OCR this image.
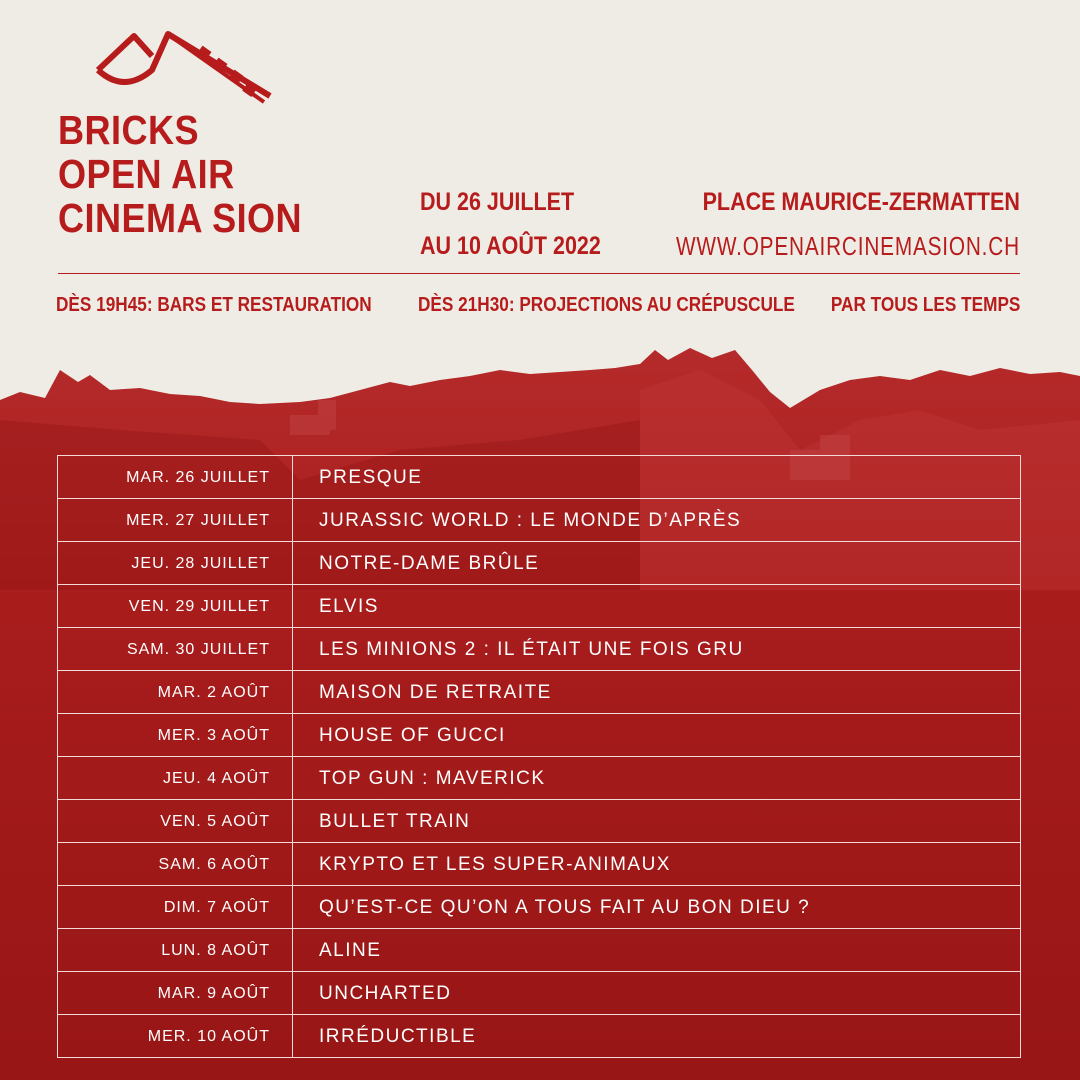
BRICKS
OPEN AIR
CINEMA SION	DU 26 JUILLET
AU 10 AOÛT 2022
PLACE MAURICE-ZERMATTEN
WWW.OPENAIRCINEMASION.CH
DÈS 19H45: BARS ET RESTAURATION DÈS 21H30: PROJECTIONS AU CRÉPUSCULE PAR TOUS LES TEMPS
MAR. 26 JUILLET	PRESQUE
MER. 27 JUILLET	JURASSIC WORLD : LE MONDE D’APRÈS
JEU. 28 JUILLET	NOTRE-DAME BRÛLE
VEN. 29 JUILLET	ELVIS
SAM. 30 JUILLET	LES MINIONS 2 : IL ÉTAIT UNE FOIS GRU
MAR. 2 AOÛT	MAISON DE RETRAITE
MER. 3 AOÛT	HOUSE OF GUCCI
JEU. 4 AOÛT	TOP GUN : MAVERICK
VEN. 5 AOÛT	BULLET TRAIN
SAM. 6 AOÛT	KRYPTO ET LES SUPER-ANIMAUX
DIM. 7 AOÛT	QU’EST-CE QU’ON A TOUS FAIT AU BON DIEU ?
LUN. 8 AOÛT	ALINE
MAR. 9 AOÛT	UNCHARTED
MER. 10 AOÛT	IRRÉDUCTIBLE
